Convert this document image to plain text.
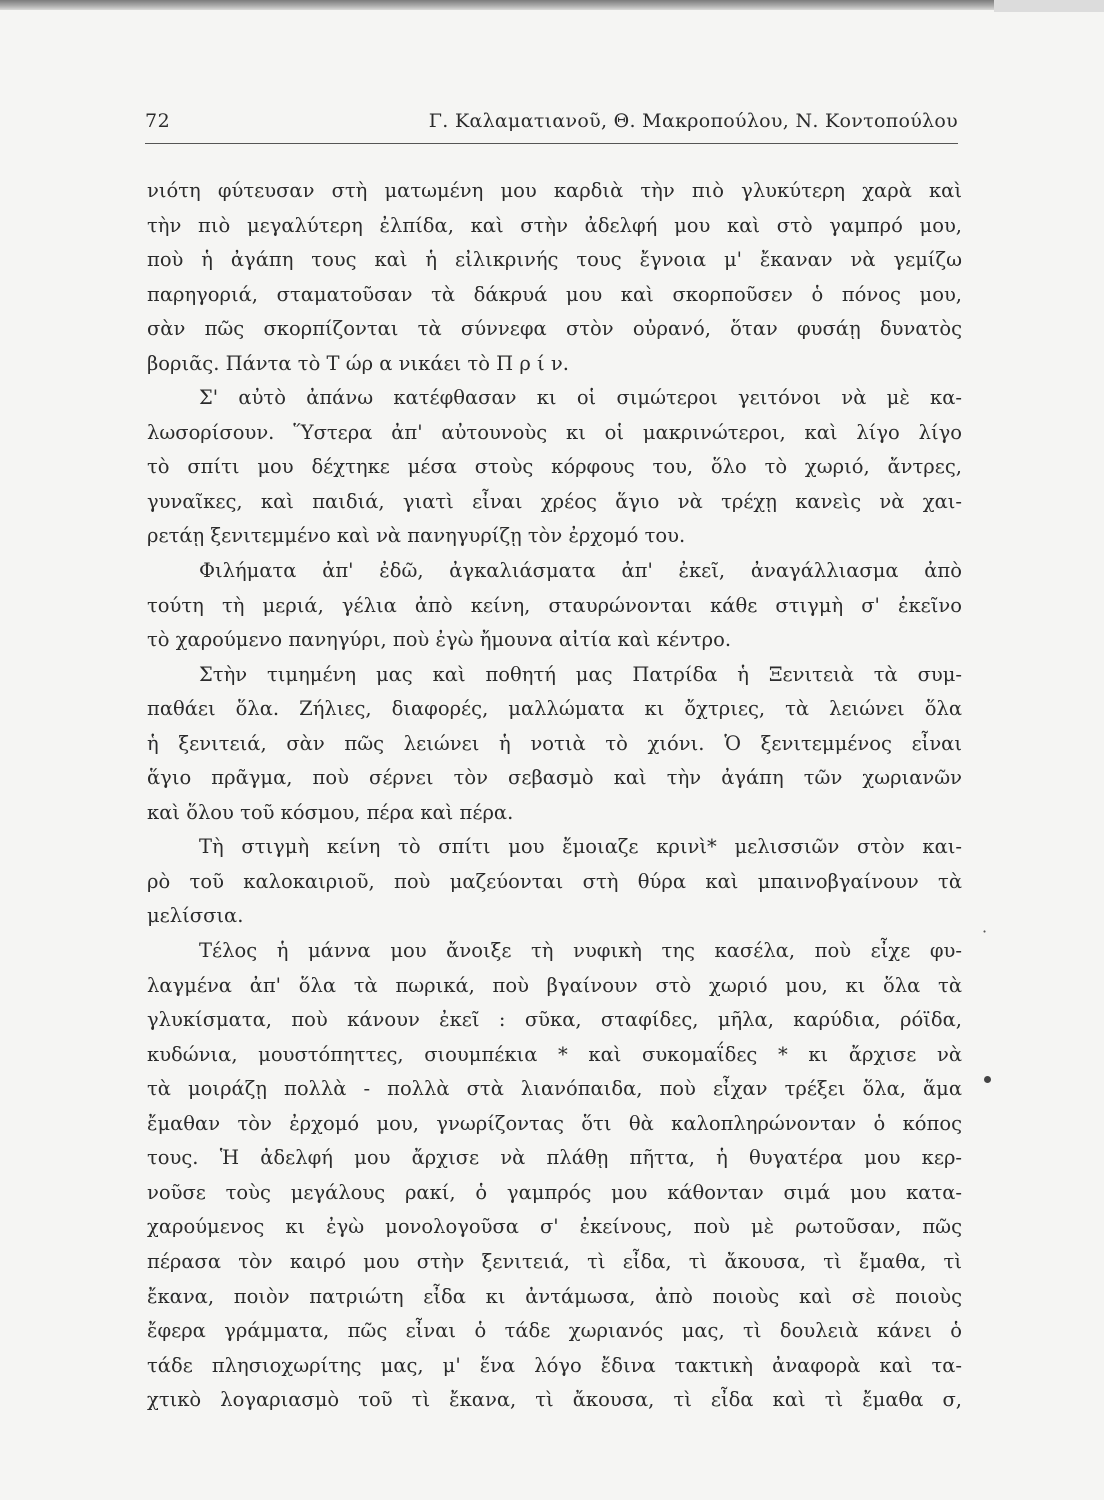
72	Γ. Καλαματιανοῦ, Θ. Μακροπούλου, Ν. Κοντοπούλου
νιότη φύτευσαν στὴ ματωμένη μου καρδιὰ τὴν πιὸ γλυκύτερη χαρὰ καὶ
τὴν πιὸ μεγαλύτερη ἐλπίδα, καὶ στὴν ἀδελφή μου καὶ στὸ γαμπρό μου,
ποὺ ἡ ἀγάπη τους καὶ ἡ εἰλικρινής τους ἔγνοια μ' ἔκαναν νὰ γεμίζω
παρηγοριά, σταματοῦσαν τὰ δάκρυά μου καὶ σκορποῦσεν ὁ πόνος μου,
σὰν πῶς σκορπίζονται τὰ σύννεφα στὸν οὐρανό, ὅταν φυσάῃ δυνατὸς
βοριᾶς. Πάντα τὸ Τ ώρ α νικάει τὸ Π ρ ί ν.
Σ' αὐτὸ ἀπάνω κατέφθασαν κι οἱ σιμώτεροι γειτόνοι νὰ μὲ κα-
λωσορίσουν. Ὕστερα ἀπ' αὐτουνοὺς κι οἱ μακρινώτεροι, καὶ λίγο λίγο
τὸ σπίτι μου δέχτηκε μέσα στοὺς κόρφους του, ὅλο τὸ χωριό, ἄντρες,
γυναῖκες, καὶ παιδιά, γιατὶ εἶναι χρέος ἅγιο νὰ τρέχῃ κανεὶς νὰ χαι-
ρετάῃ ξενιτεμμένο καὶ νὰ πανηγυρίζῃ τὸν ἐρχομό του.
Φιλήματα ἀπ' ἐδῶ, ἀγκαλιάσματα ἀπ' ἐκεῖ, ἀναγάλλιασμα ἀπὸ
τούτη τὴ μεριά, γέλια ἀπὸ κείνη, σταυρώνονται κάθε στιγμὴ σ' ἐκεῖνο
τὸ χαρούμενο πανηγύρι, ποὺ ἐγὼ ἤμουνα αἰτία καὶ κέντρο.
Στὴν τιμημένη μας καὶ ποθητή μας Πατρίδα ἡ Ξενιτειὰ τὰ συμ-
παθάει ὅλα. Ζήλιες, διαφορές, μαλλώματα κι ὄχτριες, τὰ λειώνει ὅλα
ἡ ξενιτειά, σὰν πῶς λειώνει ἡ νοτιὰ τὸ χιόνι. Ὁ ξενιτεμμένος εἶναι
ἅγιο πρᾶγμα, ποὺ σέρνει τὸν σεβασμὸ καὶ τὴν ἀγάπη τῶν χωριανῶν
καὶ ὅλου τοῦ κόσμου, πέρα καὶ πέρα.
Τὴ στιγμὴ κείνη τὸ σπίτι μου ἔμοιαζε κρινὶ* μελισσιῶν στὸν και-
ρὸ τοῦ καλοκαιριοῦ, ποὺ μαζεύονται στὴ θύρα καὶ μπαινοβγαίνουν τὰ
μελίσσια.
Τέλος ἡ μάννα μου ἄνοιξε τὴ νυφικὴ της κασέλα, ποὺ εἶχε φυ-
λαγμένα ἀπ' ὅλα τὰ πωρικά, ποὺ βγαίνουν στὸ χωριό μου, κι ὅλα τὰ
γλυκίσματα, ποὺ κάνουν ἐκεῖ : σῦκα, σταφίδες, μῆλα, καρύδια, ρόϊδα,
κυδώνια, μουστόπηττες, σιουμπέκια * καὶ συκομαΐδες * κι ἄρχισε νὰ
τὰ μοιράζῃ πολλὰ - πολλὰ στὰ λιανόπαιδα, ποὺ εἶχαν τρέξει ὅλα, ἅμα
ἔμαθαν τὸν ἐρχομό μου, γνωρίζοντας ὅτι θὰ καλοπληρώνονταν ὁ κόπος
τους. Ἡ ἀδελφή μου ἄρχισε νὰ πλάθῃ πῆττα, ἡ θυγατέρα μου κερ-
νοῦσε τοὺς μεγάλους ρακί, ὁ γαμπρός μου κάθονταν σιμά μου κατα-
χαρούμενος κι ἐγὼ μονολογοῦσα σ' ἐκείνους, ποὺ μὲ ρωτοῦσαν, πῶς
πέρασα τὸν καιρό μου στὴν ξενιτειά, τὶ εἶδα, τὶ ἄκουσα, τὶ ἔμαθα, τὶ
ἔκανα, ποιὸν πατριώτη εἶδα κι ἀντάμωσα, ἀπὸ ποιοὺς καὶ σὲ ποιοὺς
ἔφερα γράμματα, πῶς εἶναι ὁ τάδε χωριανός μας, τὶ δουλειὰ κάνει ὁ
τάδε πλησιοχωρίτης μας, μ' ἕνα λόγο ἔδινα τακτικὴ ἀναφορὰ καὶ τα-
χτικὸ λογαριασμὸ τοῦ τὶ ἔκανα, τὶ ἄκουσα, τὶ εἶδα καὶ τὶ ἔμαθα σ,
·
